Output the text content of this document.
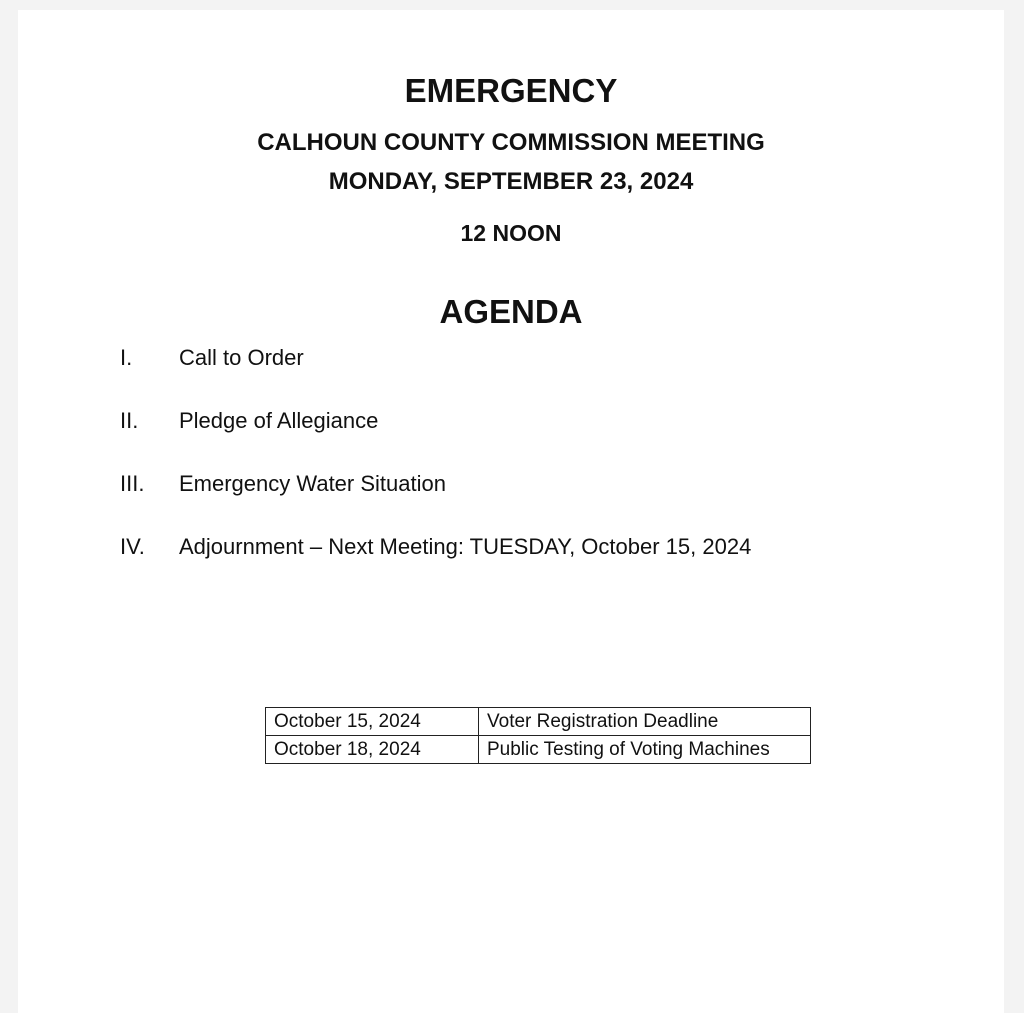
EMERGENCY
CALHOUN COUNTY COMMISSION MEETING
MONDAY, SEPTEMBER 23, 2024
12 NOON
AGENDA
I. Call to Order
II. Pledge of Allegiance
III. Emergency Water Situation
IV. Adjournment – Next Meeting: TUESDAY, October 15, 2024
October 15, 2024	Voter Registration Deadline
October 18, 2024	Public Testing of Voting Machines
